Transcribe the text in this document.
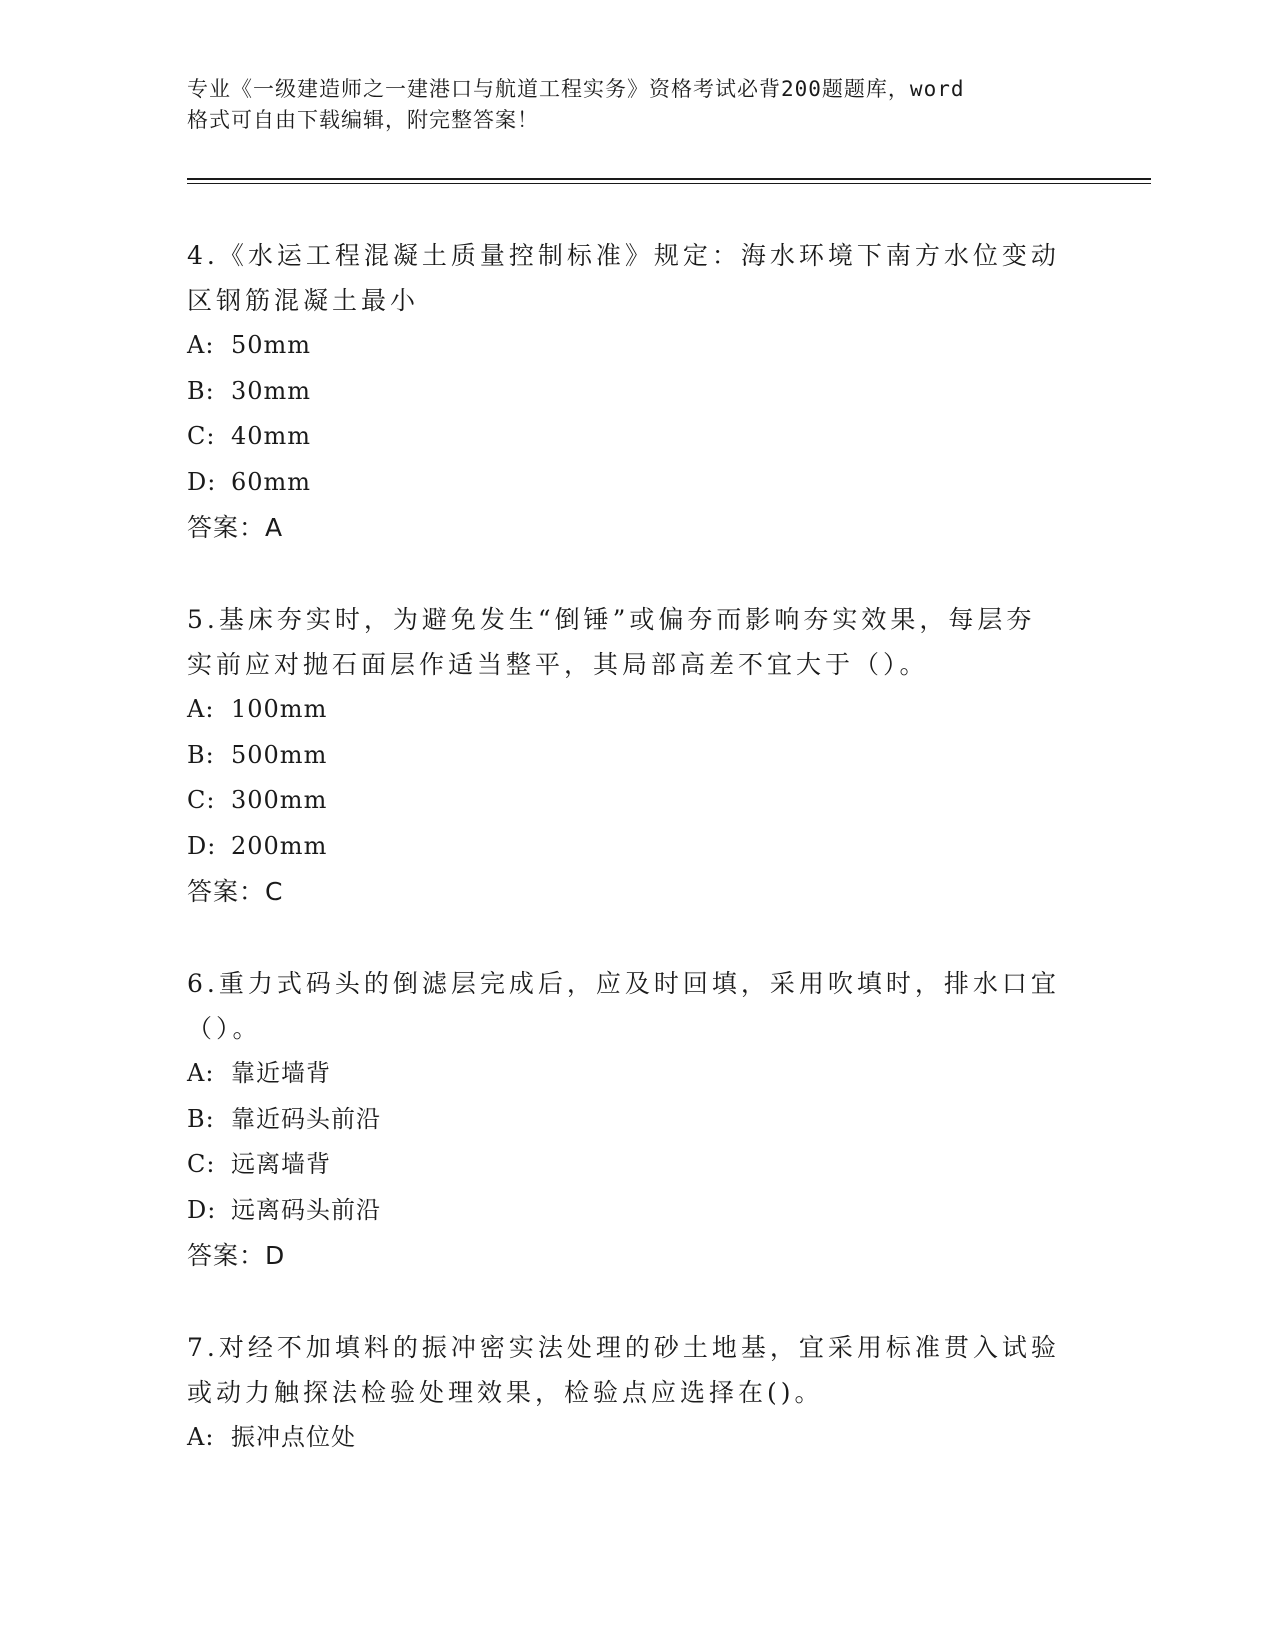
专业《一级建造师之一建港口与航道工程实务》资格考试必背200题题库，word
格式可自由下载编辑，附完整答案！

4.《水运工程混凝土质量控制标准》规定：海水环境下南方水位变动

区钢筋混凝土最小

A: 50mm

B: 30mm

C: 40mm

D: 60mm

答案：A

5.基床夯实时，为避免发生“倒锤”或偏夯而影响夯实效果，每层夯

实前应对抛石面层作适当整平，其局部高差不宜大于（）。

A: 100mm

B: 500mm

C: 300mm

D: 200mm

答案：C

6.重力式码头的倒滤层完成后，应及时回填，采用吹填时，排水口宜

（）。

A: 靠近墙背

B: 靠近码头前沿

C: 远离墙背

D: 远离码头前沿

答案：D

7.对经不加填料的振冲密实法处理的砂土地基，宜采用标准贯入试验

或动力触探法检验处理效果，检验点应选择在()。

A: 振冲点位处
